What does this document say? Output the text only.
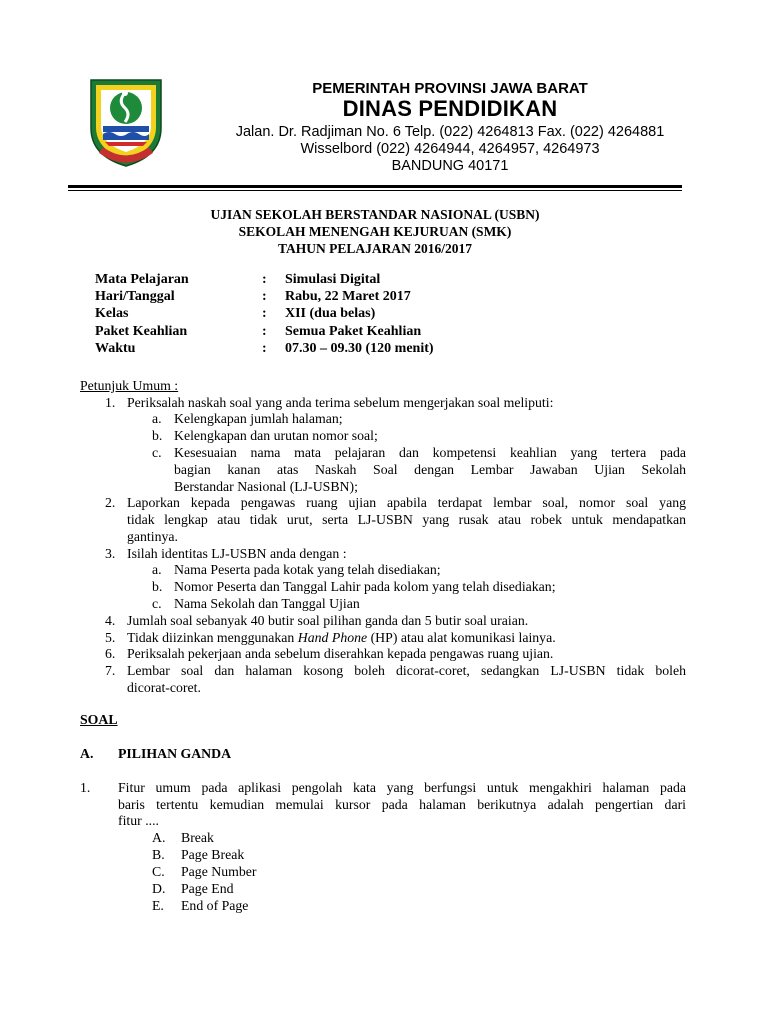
PEMERINTAH PROVINSI JAWA BARAT
DINAS PENDIDIKAN
Jalan. Dr. Radjiman No. 6 Telp. (022) 4264813 Fax. (022) 4264881
Wisselbord (022) 4264944, 4264957, 4264973
BANDUNG 40171
UJIAN SEKOLAH BERSTANDAR NASIONAL (USBN)
SEKOLAH MENENGAH KEJURUAN (SMK)
TAHUN PELAJARAN 2016/2017
Mata Pelajaran	: Simulasi Digital
Hari/Tanggal	: Rabu, 22 Maret 2017
Kelas	: XII (dua belas)
Paket Keahlian	: Semua Paket Keahlian
Waktu	: 07.30 – 09.30 (120 menit)
Petunjuk Umum :
1. Periksalah naskah soal yang anda terima sebelum mengerjakan soal meliputi:
a. Kelengkapan jumlah halaman;
b. Kelengkapan dan urutan nomor soal;
c. Kesesuaian nama mata pelajaran dan kompetensi keahlian yang tertera pada
bagian kanan atas Naskah Soal dengan Lembar Jawaban Ujian Sekolah
Berstandar Nasional (LJ-USBN);
2. Laporkan kepada pengawas ruang ujian apabila terdapat lembar soal, nomor soal yang
tidak lengkap atau tidak urut, serta LJ-USBN yang rusak atau robek untuk mendapatkan
gantinya.
3. Isilah identitas LJ-USBN anda dengan :
a. Nama Peserta pada kotak yang telah disediakan;
b. Nomor Peserta dan Tanggal Lahir pada kolom yang telah disediakan;
c. Nama Sekolah dan Tanggal Ujian
4. Jumlah soal sebanyak 40 butir soal pilihan ganda dan 5 butir soal uraian.
5. Tidak diizinkan menggunakan Hand Phone (HP) atau alat komunikasi lainya.
6. Periksalah pekerjaan anda sebelum diserahkan kepada pengawas ruang ujian.
7. Lembar soal dan halaman kosong boleh dicorat-coret, sedangkan LJ-USBN tidak boleh
dicorat-coret.
SOAL
A. PILIHAN GANDA
1. Fitur umum pada aplikasi pengolah kata yang berfungsi untuk mengakhiri halaman pada
baris tertentu kemudian memulai kursor pada halaman berikutnya adalah pengertian dari
fitur ....
A. Break
B. Page Break
C. Page Number
D. Page End
E. End of Page
